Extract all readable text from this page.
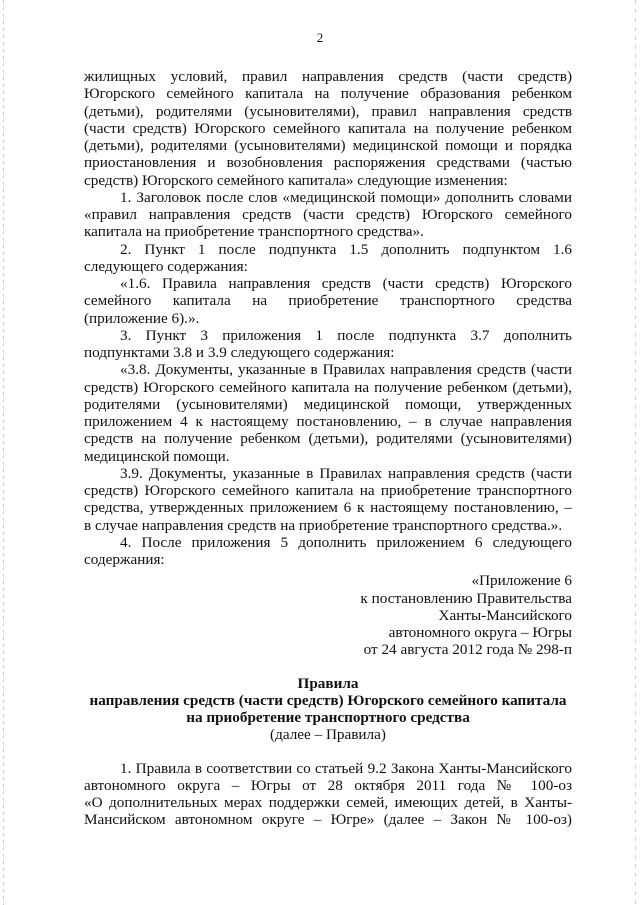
2
жилищных условий, правил направления средств (части средств)
Югорского семейного капитала на получение образования ребенком
(детьми), родителями (усыновителями), правил направления средств
(части средств) Югорского семейного капитала на получение ребенком
(детьми), родителями (усыновителями) медицинской помощи и порядка
приостановления и возобновления распоряжения средствами (частью
средств) Югорского семейного капитала» следующие изменения:
1. Заголовок после слов «медицинской помощи» дополнить словами
«правил направления средств (части средств) Югорского семейного
капитала на приобретение транспортного средства».
2. Пункт 1 после подпункта 1.5 дополнить подпунктом 1.6
следующего содержания:
«1.6. Правила направления средств (части средств) Югорского
семейного капитала на приобретение транспортного средства
(приложение 6).».
3. Пункт 3 приложения 1 после подпункта 3.7 дополнить
подпунктами 3.8 и 3.9 следующего содержания:
«3.8. Документы, указанные в Правилах направления средств (части
средств) Югорского семейного капитала на получение ребенком (детьми),
родителями (усыновителями) медицинской помощи, утвержденных
приложением 4 к настоящему постановлению, – в случае направления
средств на получение ребенком (детьми), родителями (усыновителями)
медицинской помощи.
3.9. Документы, указанные в Правилах направления средств (части
средств) Югорского семейного капитала на приобретение транспортного
средства, утвержденных приложением 6 к настоящему постановлению, –
в случае направления средств на приобретение транспортного средства.».
4. После приложения 5 дополнить приложением 6 следующего
содержания:
«Приложение 6
к постановлению Правительства
Ханты-Мансийского
автономного округа – Югры
от 24 августа 2012 года № 298-п
Правила
направления средств (части средств) Югорского семейного капитала
на приобретение транспортного средства
(далее – Правила)
1. Правила в соответствии со статьей 9.2 Закона Ханты-Мансийского
автономного округа – Югры от 28 октября 2011 года № 100-оз
«О дополнительных мерах поддержки семей, имеющих детей, в Ханты-
Мансийском автономном округе – Югре» (далее – Закон № 100-оз)
